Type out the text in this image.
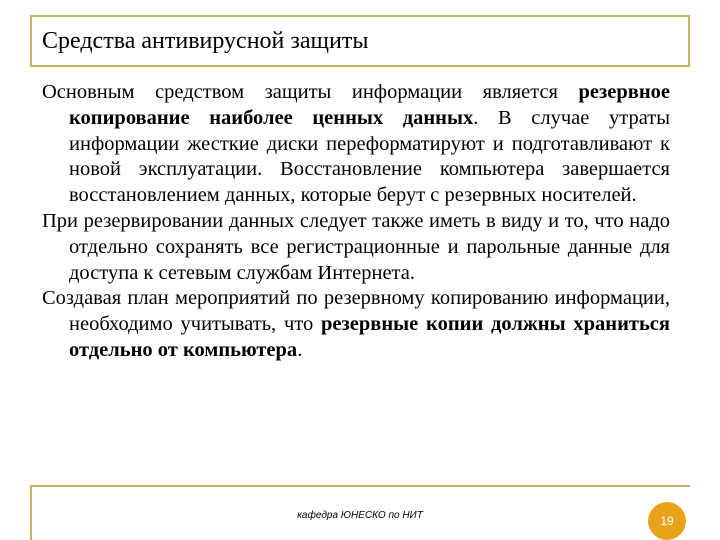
Средства антивирусной защиты

Основным средством защиты информации является резервное копирование наиболее ценных данных. В случае утраты информации жесткие диски переформатируют и подготавливают к новой эксплуатации. Восстановление компьютера завершается восстановлением данных, которые берут с резервных носителей.

При резервировании данных следует также иметь в виду и то, что надо отдельно сохранять все регистрационные и парольные данные для доступа к сетевым службам Интернета.

Создавая план мероприятий по резервному копированию информации, необходимо учитывать, что резервные копии должны храниться отдельно от компьютера.

кафедра ЮНЕСКО по НИТ	19
